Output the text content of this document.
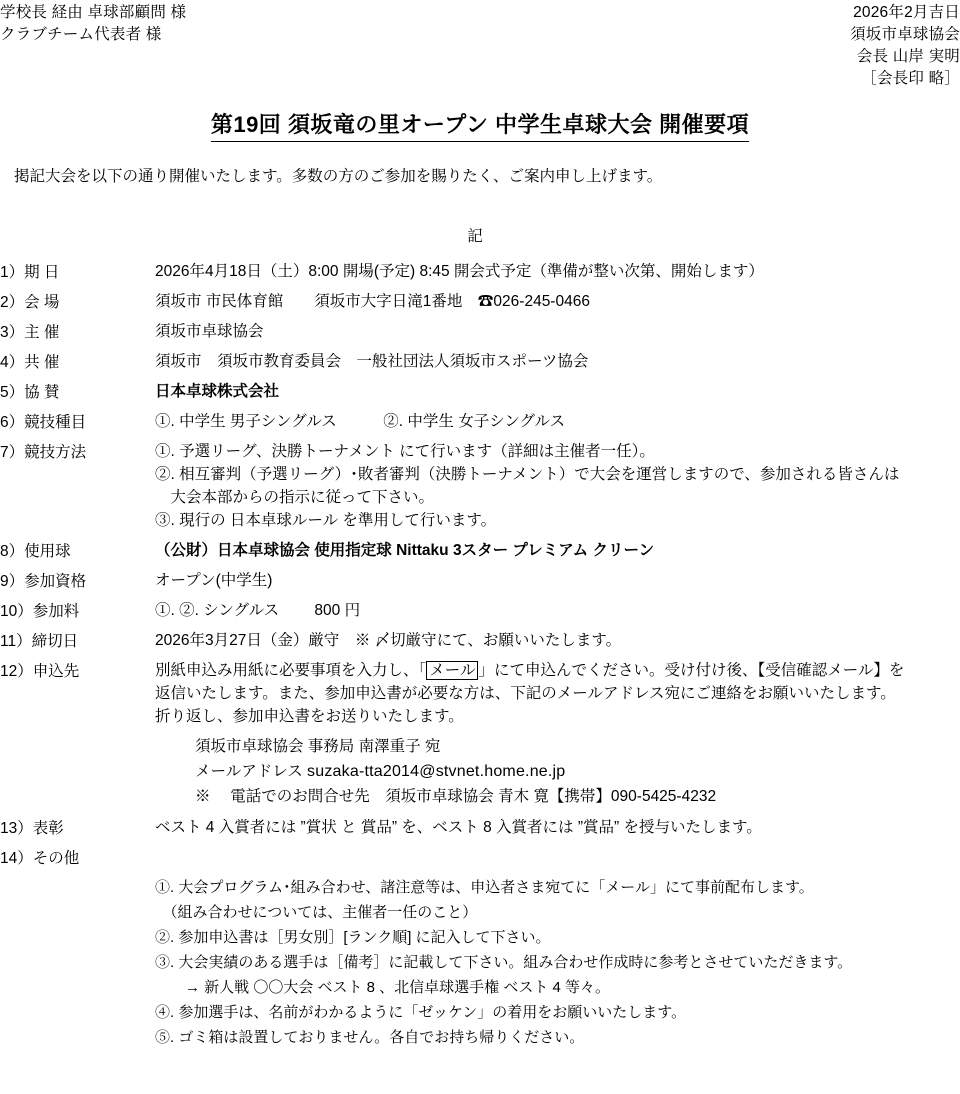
学校長 経由 卓球部顧問 様
クラブチーム代表者 様
2026年2月吉日
須坂市卓球協会
会長 山岸 実明
［会長印 略］
第19回 須坂竜の里オープン 中学生卓球大会 開催要項
掲記大会を以下の通り開催いたします。多数の方のご参加を賜りたく、ご案内申し上げます。
記
1）期 日	2026年4月18日（土）8:00 開場(予定) 8:45 開会式予定（準備が整い次第、開始します）
2）会 場	須坂市 市民体育館　　須坂市大字日滝1番地　☎026-245-0466
3）主 催	須坂市卓球協会
4）共 催	須坂市　須坂市教育委員会　一般社団法人須坂市スポーツ協会
5）協 賛	日本卓球株式会社
6）競技種目	①. 中学生 男子シングルス　　　②. 中学生 女子シングルス
7）競技方法	①. 予選リーグ、決勝トーナメント にて行います（詳細は主催者一任）。
②. 相互審判（予選リーグ）･敗者審判（決勝トーナメント）で大会を運営しますので、参加される皆さんは
　大会本部からの指示に従って下さい。
③. 現行の 日本卓球ルール を準用して行います。
8）使用球	（公財）日本卓球協会 使用指定球 Nittaku 3スター プレミアム クリーン
9）参加資格	オープン(中学生)
10）参加料	①. ②. シングルス　　 800 円
11）締切日	2026年3月27日（金）厳守　※ 〆切厳守にて、お願いいたします。
12）申込先	別紙申込み用紙に必要事項を入力し、「 メール 」にて申込んでください。受け付け後、【受信確認メール】を
返信いたします。また、参加申込書が必要な方は、下記のメールアドレス宛にご連絡をお願いいたします。
折り返し、参加申込書をお送りいたします。
須坂市卓球協会 事務局 南澤重子 宛
メールアドレス suzaka-tta2014@stvnet.home.ne.jp
※　 電話でのお問合せ先　須坂市卓球協会 青木 寛【携帯】090-5425-4232
13）表彰	ベスト 4 入賞者には ”賞状 と 賞品” を、ベスト 8 入賞者には ”賞品” を授与いたします。
14）その他
①. 大会プログラム･組み合わせ、諸注意等は、申込者さま宛てに「メール」にて事前配布します。
　（組み合わせについては、主催者一任のこと）
②. 参加申込書は［男女別］[ランク順] に記入して下さい。
③. 大会実績のある選手は［備考］に記載して下さい。組み合わせ作成時に参考とさせていただきます。
　　→ 新人戦 〇〇大会 ベスト 8 、北信卓球選手権 ベスト 4 等々。
④. 参加選手は、名前がわかるように「ゼッケン」の着用をお願いいたします。
⑤. ゴミ箱は設置しておりません。各自でお持ち帰りください。
